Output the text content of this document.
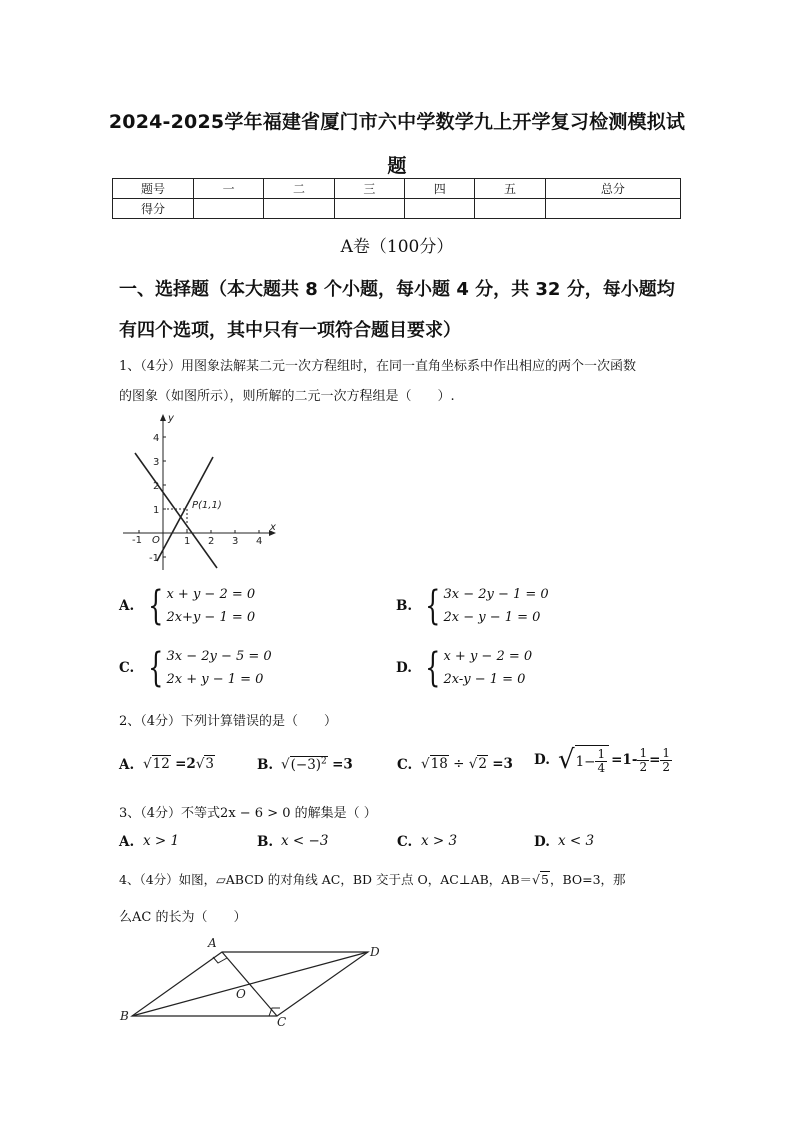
2024-2025学年福建省厦门市六中学数学九上开学复习检测模拟试
题
题号	一	二	三	四	五	总分
得分						
A卷（100分）
一、选择题（本大题共 8 个小题，每小题 4 分，共 32 分，每小题均
有四个选项，其中只有一项符合题目要求）
1、（4分）用图象法解某二元一次方程组时，在同一直角坐标系中作出相应的两个一次函数
的图象（如图所示），则所解的二元一次方程组是（　　）.
y
x
O
-1	1 2 3 4
4
3
2
1
-1
P(1,1)
A. { x + y − 2 = 0
2x+y − 1 = 0
B. { 3x − 2y − 1 = 0
2x − y − 1 = 0
C. { 3x − 2y − 5 = 0
2x + y − 1 = 0
D. { x + y − 2 = 0
2x-y − 1 = 0
2、（4分）下列计算错误的是（　　）
A. √12 =2√3	B. $√(-3)^2 =3$	C. √18 ÷ √2 =3 D. √ $1- \frac{1}{4} =1- \frac{1}{2} = \frac{1}{2}$
3、（4分）不等式2x − 6 > 0 的解集是（ ）
A. x > 1	B. x < −3	C. x > 3	D. x < 3
4、（4分）如图，▱ABCD 的对角线 AC，BD 交于点 O，AC⊥AB，AB＝√5，BO=3，那
么AC 的长为（　　）
A
D
B	C
O
